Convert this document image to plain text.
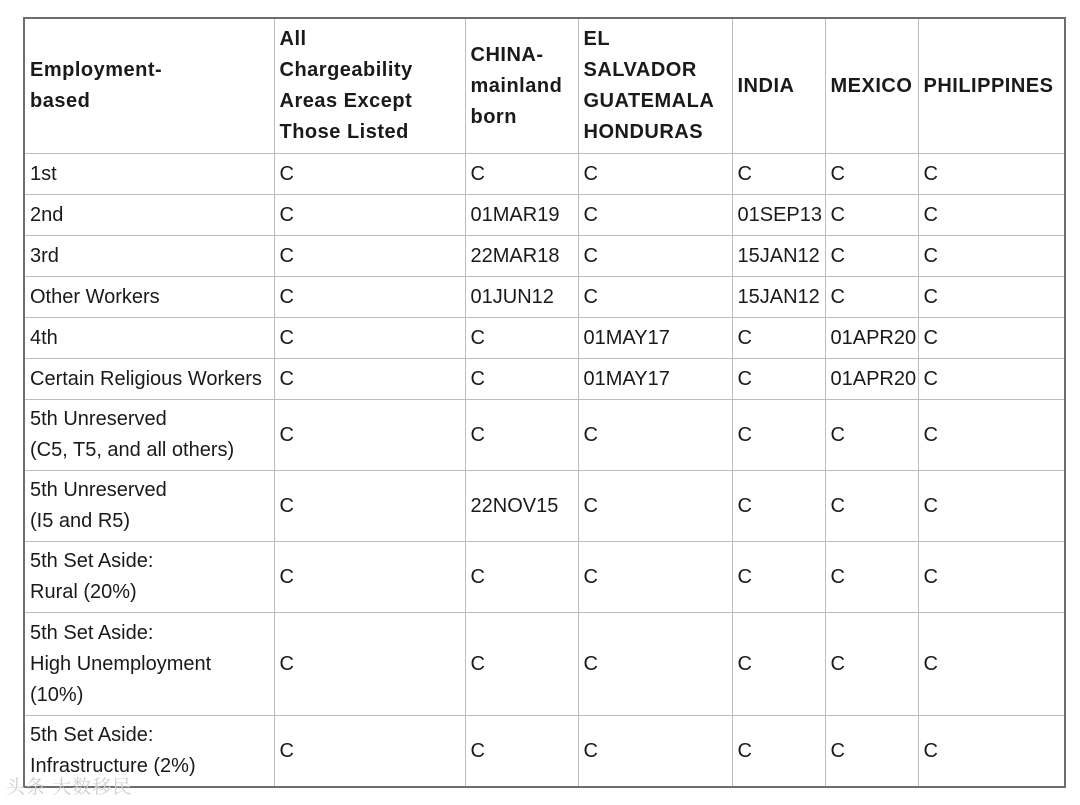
Employment-
based	All
Chargeability
Areas Except
Those Listed	CHINA-
mainland
born	EL
SALVADOR
GUATEMALA
HONDURAS	INDIA	MEXICO	PHILIPPINES
1st	C	C	C	C	C	C
2nd	C	01MAR19	C	01SEP13	C	C
3rd	C	22MAR18	C	15JAN12	C	C
Other Workers	C	01JUN12	C	15JAN12	C	C
4th	C	C	01MAY17	C	01APR20	C
Certain Religious Workers	C	C	01MAY17	C	01APR20	C
5th Unreserved
(C5, T5, and all others)	C	C	C	C	C	C
5th Unreserved
(I5 and R5)	C	22NOV15	C	C	C	C
5th Set Aside:
Rural (20%)	C	C	C	C	C	C
5th Set Aside:
High Unemployment
(10%)	C	C	C	C	C	C
5th Set Aside:
Infrastructure (2%)	C	C	C	C	C	C
头条 大数移民
